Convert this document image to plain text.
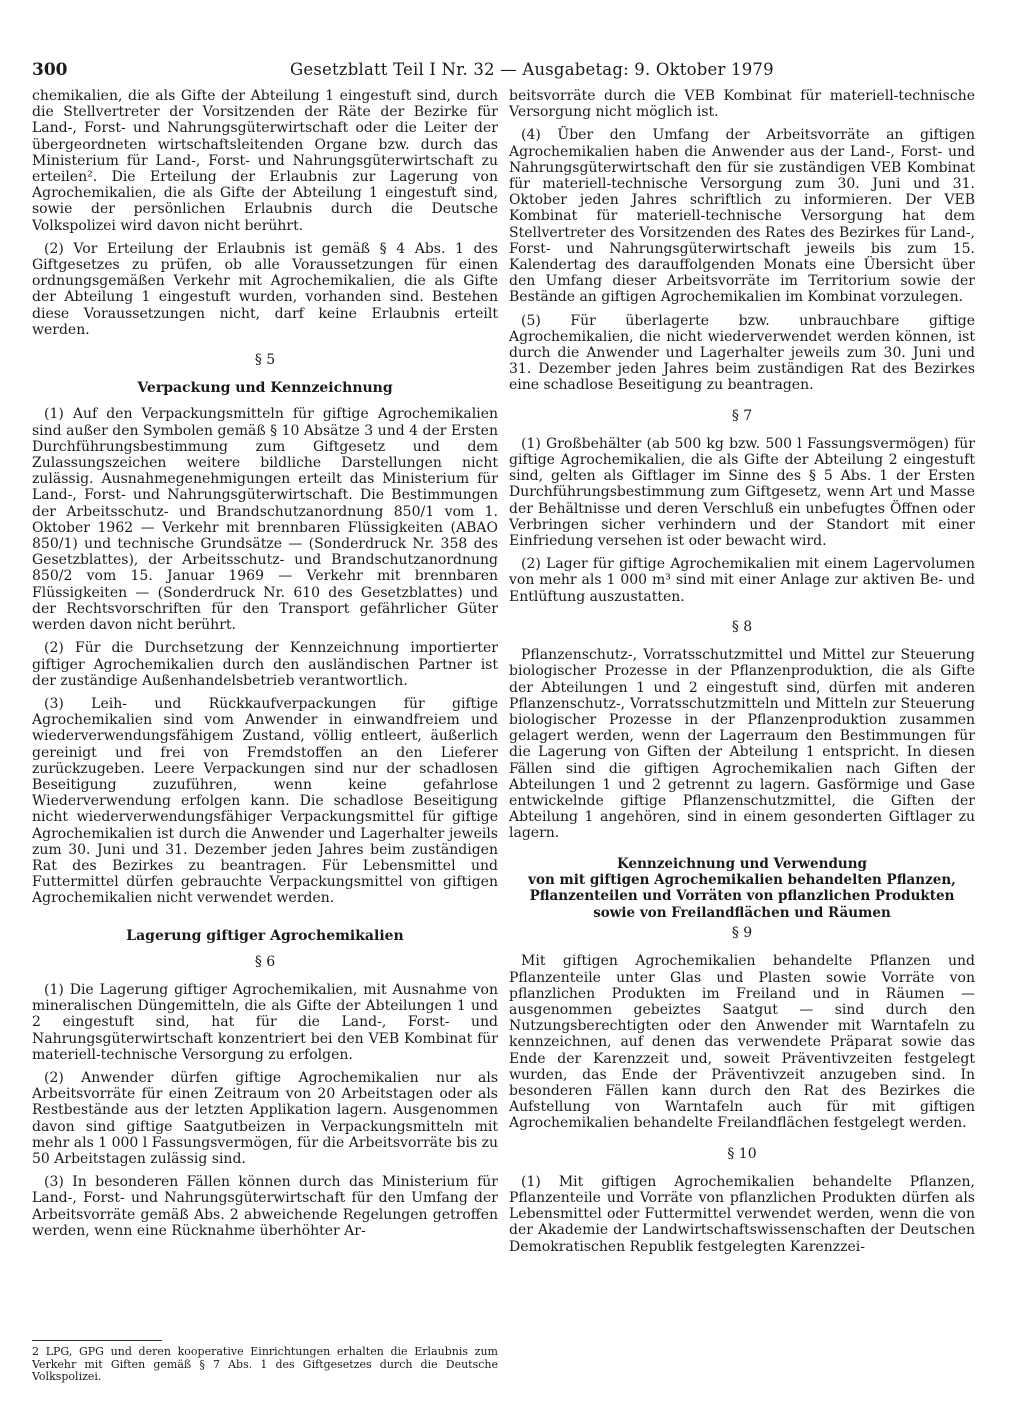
300	Gesetzblatt Teil I Nr. 32 — Ausgabetag: 9. Oktober 1979

chemikalien, die als Gifte der Abteilung 1 eingestuft sind, durch die Stellvertreter der Vorsitzenden der Räte der Bezirke für Land-, Forst- und Nahrungsgüterwirtschaft oder die Leiter der übergeordneten wirtschaftsleitenden Organe bzw. durch das Ministerium für Land-, Forst- und Nahrungsgüterwirtschaft zu erteilen². Die Erteilung der Erlaubnis zur Lagerung von Agrochemikalien, die als Gifte der Abteilung 1 eingestuft sind, sowie der persönlichen Erlaubnis durch die Deutsche Volkspolizei wird davon nicht berührt.

(2) Vor Erteilung der Erlaubnis ist gemäß § 4 Abs. 1 des Giftgesetzes zu prüfen, ob alle Voraussetzungen für einen ordnungsgemäßen Verkehr mit Agrochemikalien, die als Gifte der Abteilung 1 eingestuft wurden, vorhanden sind. Bestehen diese Voraussetzungen nicht, darf keine Erlaubnis erteilt werden.

§ 5
Verpackung und Kennzeichnung

(1) Auf den Verpackungsmitteln für giftige Agrochemikalien sind außer den Symbolen gemäß § 10 Absätze 3 und 4 der Ersten Durchführungsbestimmung zum Giftgesetz und dem Zulassungszeichen weitere bildliche Darstellungen nicht zulässig. Ausnahmegenehmigungen erteilt das Ministerium für Land-, Forst- und Nahrungsgüterwirtschaft. Die Bestimmungen der Arbeitsschutz- und Brandschutzanordnung 850/1 vom 1. Oktober 1962 — Verkehr mit brennbaren Flüssigkeiten (ABAO 850/1) und technische Grundsätze — (Sonderdruck Nr. 358 des Gesetzblattes), der Arbeitsschutz- und Brandschutzanordnung 850/2 vom 15. Januar 1969 — Verkehr mit brennbaren Flüssigkeiten — (Sonderdruck Nr. 610 des Gesetzblattes) und der Rechtsvorschriften für den Transport gefährlicher Güter werden davon nicht berührt.

(2) Für die Durchsetzung der Kennzeichnung importierter giftiger Agrochemikalien durch den ausländischen Partner ist der zuständige Außenhandelsbetrieb verantwortlich.

(3) Leih- und Rückkaufverpackungen für giftige Agrochemikalien sind vom Anwender in einwandfreiem und wiederverwendungsfähigem Zustand, völlig entleert, äußerlich gereinigt und frei von Fremdstoffen an den Lieferer zurückzugeben. Leere Verpackungen sind nur der schadlosen Beseitigung zuzuführen, wenn keine gefahrlose Wiederverwendung erfolgen kann. Die schadlose Beseitigung nicht wiederverwendungsfähiger Verpackungsmittel für giftige Agrochemikalien ist durch die Anwender und Lagerhalter jeweils zum 30. Juni und 31. Dezember jeden Jahres beim zuständigen Rat des Bezirkes zu beantragen. Für Lebensmittel und Futtermittel dürfen gebrauchte Verpackungsmittel von giftigen Agrochemikalien nicht verwendet werden.

Lagerung giftiger Agrochemikalien
§ 6

(1) Die Lagerung giftiger Agrochemikalien, mit Ausnahme von mineralischen Düngemitteln, die als Gifte der Abteilungen 1 und 2 eingestuft sind, hat für die Land-, Forst- und Nahrungsgüterwirtschaft konzentriert bei den VEB Kombinat für materiell-technische Versorgung zu erfolgen.

(2) Anwender dürfen giftige Agrochemikalien nur als Arbeitsvorräte für einen Zeitraum von 20 Arbeitstagen oder als Restbestände aus der letzten Applikation lagern. Ausgenommen davon sind giftige Saatgutbeizen in Verpackungsmitteln mit mehr als 1 000 l Fassungsvermögen, für die Arbeitsvorräte bis zu 50 Arbeitstagen zulässig sind.

(3) In besonderen Fällen können durch das Ministerium für Land-, Forst- und Nahrungsgüterwirtschaft für den Umfang der Arbeitsvorräte gemäß Abs. 2 abweichende Regelungen getroffen werden, wenn eine Rücknahme überhöhter Ar-

2 LPG, GPG und deren kooperative Einrichtungen erhalten die Erlaubnis zum Verkehr mit Giften gemäß § 7 Abs. 1 des Giftgesetzes durch die Deutsche Volkspolizei.

beitsvorräte durch die VEB Kombinat für materiell-technische Versorgung nicht möglich ist.

(4) Über den Umfang der Arbeitsvorräte an giftigen Agrochemikalien haben die Anwender aus der Land-, Forst- und Nahrungsgüterwirtschaft den für sie zuständigen VEB Kombinat für materiell-technische Versorgung zum 30. Juni und 31. Oktober jeden Jahres schriftlich zu informieren. Der VEB Kombinat für materiell-technische Versorgung hat dem Stellvertreter des Vorsitzenden des Rates des Bezirkes für Land-, Forst- und Nahrungsgüterwirtschaft jeweils bis zum 15. Kalendertag des darauffolgenden Monats eine Übersicht über den Umfang dieser Arbeitsvorräte im Territorium sowie der Bestände an giftigen Agrochemikalien im Kombinat vorzulegen.

(5) Für überlagerte bzw. unbrauchbare giftige Agrochemikalien, die nicht wiederverwendet werden können, ist durch die Anwender und Lagerhalter jeweils zum 30. Juni und 31. Dezember jeden Jahres beim zuständigen Rat des Bezirkes eine schadlose Beseitigung zu beantragen.

§ 7

(1) Großbehälter (ab 500 kg bzw. 500 l Fassungsvermögen) für giftige Agrochemikalien, die als Gifte der Abteilung 2 eingestuft sind, gelten als Giftlager im Sinne des § 5 Abs. 1 der Ersten Durchführungsbestimmung zum Giftgesetz, wenn Art und Masse der Behältnisse und deren Verschluß ein unbefugtes Öffnen oder Verbringen sicher verhindern und der Standort mit einer Einfriedung versehen ist oder bewacht wird.

(2) Lager für giftige Agrochemikalien mit einem Lagervolumen von mehr als 1 000 m³ sind mit einer Anlage zur aktiven Be- und Entlüftung auszustatten.

§ 8

Pflanzenschutz-, Vorratsschutzmittel und Mittel zur Steuerung biologischer Prozesse in der Pflanzenproduktion, die als Gifte der Abteilungen 1 und 2 eingestuft sind, dürfen mit anderen Pflanzenschutz-, Vorratsschutzmitteln und Mitteln zur Steuerung biologischer Prozesse in der Pflanzenproduktion zusammen gelagert werden, wenn der Lagerraum den Bestimmungen für die Lagerung von Giften der Abteilung 1 entspricht. In diesen Fällen sind die giftigen Agrochemikalien nach Giften der Abteilungen 1 und 2 getrennt zu lagern. Gasförmige und Gase entwickelnde giftige Pflanzenschutzmittel, die Giften der Abteilung 1 angehören, sind in einem gesonderten Giftlager zu lagern.

Kennzeichnung und Verwendung
von mit giftigen Agrochemikalien behandelten Pflanzen,
Pflanzenteilen und Vorräten von pflanzlichen Produkten
sowie von Freilandflächen und Räumen
§ 9

Mit giftigen Agrochemikalien behandelte Pflanzen und Pflanzenteile unter Glas und Plasten sowie Vorräte von pflanzlichen Produkten im Freiland und in Räumen — ausgenommen gebeiztes Saatgut — sind durch den Nutzungsberechtigten oder den Anwender mit Warntafeln zu kennzeichnen, auf denen das verwendete Präparat sowie das Ende der Karenzzeit und, soweit Präventivzeiten festgelegt wurden, das Ende der Präventivzeit anzugeben sind. In besonderen Fällen kann durch den Rat des Bezirkes die Aufstellung von Warntafeln auch für mit giftigen Agrochemikalien behandelte Freilandflächen festgelegt werden.

§ 10

(1) Mit giftigen Agrochemikalien behandelte Pflanzen, Pflanzenteile und Vorräte von pflanzlichen Produkten dürfen als Lebensmittel oder Futtermittel verwendet werden, wenn die von der Akademie der Landwirtschaftswissenschaften der Deutschen Demokratischen Republik festgelegten Karenzzei-
